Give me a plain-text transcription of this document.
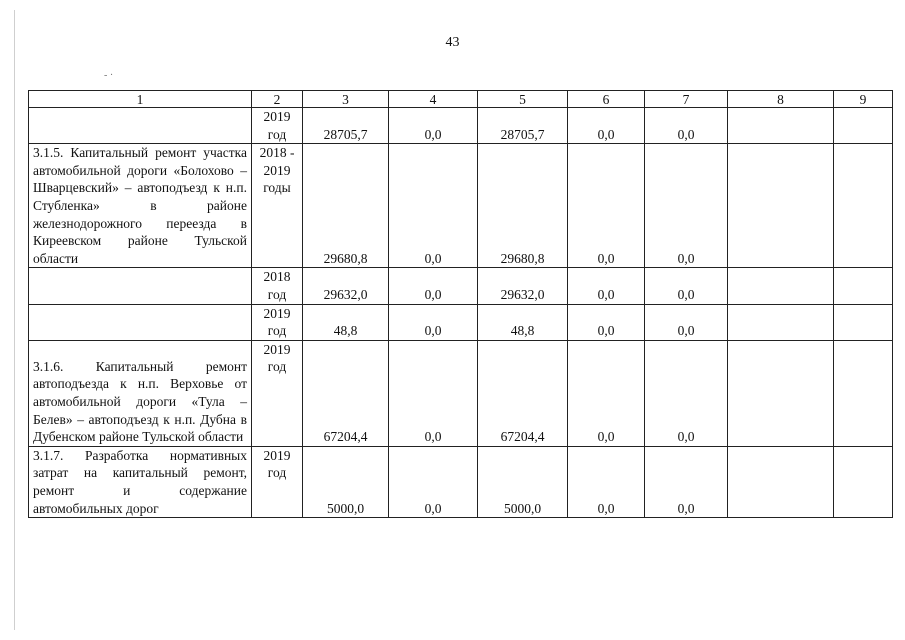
43
- ·
1	2	3	4	5	6	7	8	9
	2019 год	28705,7	0,0	28705,7	0,0	0,0		
3.1.5. Капитальный ремонт участка автомобильной дороги «Болохово – Шварцевский» – автоподъезд к н.п. Стубленка» в районе железнодорожного переезда в Киреевском районе Тульской области	2018 - 2019 годы	29680,8	0,0	29680,8	0,0	0,0		
	2018 год	29632,0	0,0	29632,0	0,0	0,0		
	2019 год	48,8	0,0	48,8	0,0	0,0		
3.1.6. Капитальный ремонт автоподъезда к н.п. Верховье от автомобильной дороги «Тула – Белев» – автоподъезд к н.п. Дубна в Дубенском районе Тульской области	2019 год	67204,4	0,0	67204,4	0,0	0,0		
3.1.7. Разработка нормативных затрат на капитальный ремонт, ремонт и содержание автомобильных дорог	2019 год	5000,0	0,0	5000,0	0,0	0,0		
